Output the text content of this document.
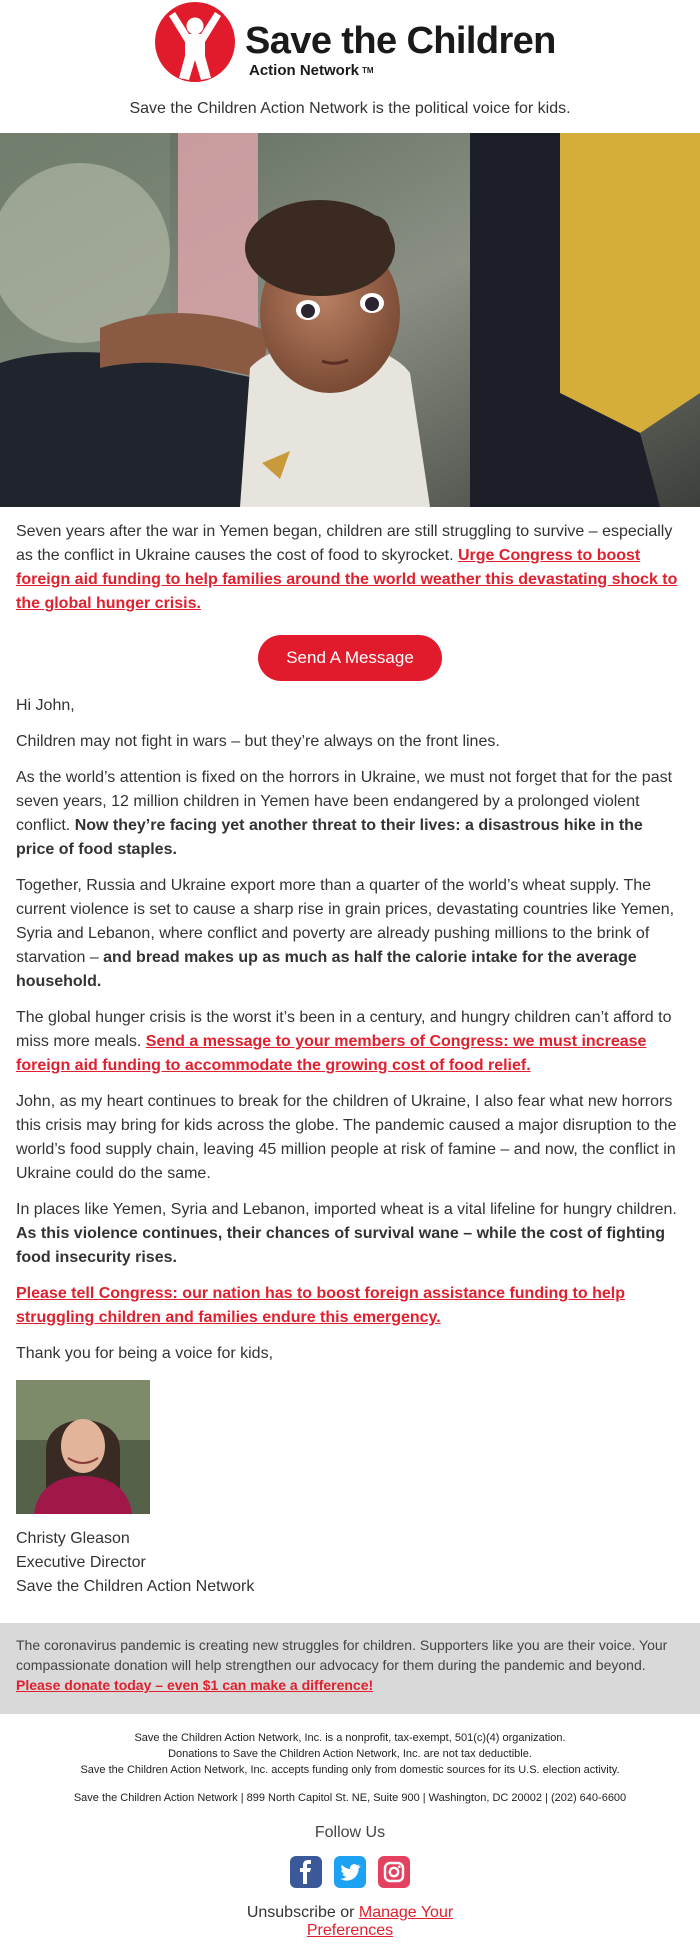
Save the Children
Action Network TM
Save the Children Action Network is the political voice for kids.

Seven years after the war in Yemen began, children are still struggling to survive – especially as the conflict in Ukraine causes the cost of food to skyrocket. Urge Congress to boost foreign aid funding to help families around the world weather this devastating shock to the global hunger crisis.

Send A Message

Hi John,

Children may not fight in wars – but they’re always on the front lines.

As the world’s attention is fixed on the horrors in Ukraine, we must not forget that for the past seven years, 12 million children in Yemen have been endangered by a prolonged violent conflict. Now they’re facing yet another threat to their lives: a disastrous hike in the price of food staples.

Together, Russia and Ukraine export more than a quarter of the world’s wheat supply. The current violence is set to cause a sharp rise in grain prices, devastating countries like Yemen, Syria and Lebanon, where conflict and poverty are already pushing millions to the brink of starvation – and bread makes up as much as half the calorie intake for the average household.

The global hunger crisis is the worst it’s been in a century, and hungry children can’t afford to miss more meals. Send a message to your members of Congress: we must increase foreign aid funding to accommodate the growing cost of food relief.

John, as my heart continues to break for the children of Ukraine, I also fear what new horrors this crisis may bring for kids across the globe. The pandemic caused a major disruption to the world’s food supply chain, leaving 45 million people at risk of famine – and now, the conflict in Ukraine could do the same.

In places like Yemen, Syria and Lebanon, imported wheat is a vital lifeline for hungry children. As this violence continues, their chances of survival wane – while the cost of fighting food insecurity rises.

Please tell Congress: our nation has to boost foreign assistance funding to help struggling children and families endure this emergency.

Thank you for being a voice for kids,

Christy Gleason
Executive Director
Save the Children Action Network
The coronavirus pandemic is creating new struggles for children. Supporters like you are their voice. Your compassionate donation will help strengthen our advocacy for them during the pandemic and beyond.
Please donate today – even $1 can make a difference!
Save the Children Action Network, Inc. is a nonprofit, tax-exempt, 501(c)(4) organization.
Donations to Save the Children Action Network, Inc. are not tax deductible.
Save the Children Action Network, Inc. accepts funding only from domestic sources for its U.S. election activity.
Save the Children Action Network | 899 North Capitol St. NE, Suite 900 | Washington, DC 20002 | (202) 640-6600
Follow Us

Unsubscribe or Manage Your
Preferences
